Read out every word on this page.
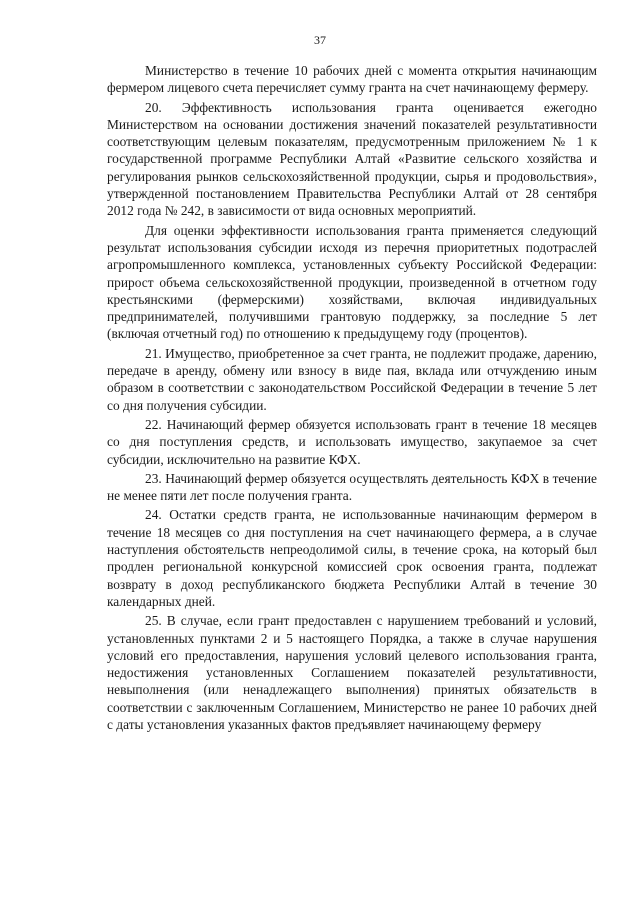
37

Министерство в течение 10 рабочих дней с момента открытия начинающим фермером лицевого счета перечисляет сумму гранта на счет начинающему фермеру.

20. Эффективность использования гранта оценивается ежегодно Министерством на основании достижения значений показателей результативности соответствующим целевым показателям, предусмотренным приложением № 1 к государственной программе Республики Алтай «Развитие сельского хозяйства и регулирования рынков сельскохозяйственной продукции, сырья и продовольствия», утвержденной постановлением Правительства Республики Алтай от 28 сентября 2012 года № 242, в зависимости от вида основных мероприятий.

Для оценки эффективности использования гранта применяется следующий результат использования субсидии исходя из перечня приоритетных подотраслей агропромышленного комплекса, установленных субъекту Российской Федерации: прирост объема сельскохозяйственной продукции, произведенной в отчетном году крестьянскими (фермерскими) хозяйствами, включая индивидуальных предпринимателей, получившими грантовую поддержку, за последние 5 лет (включая отчетный год) по отношению к предыдущему году (процентов).

21. Имущество, приобретенное за счет гранта, не подлежит продаже, дарению, передаче в аренду, обмену или взносу в виде пая, вклада или отчуждению иным образом в соответствии с законодательством Российской Федерации в течение 5 лет со дня получения субсидии.

22. Начинающий фермер обязуется использовать грант в течение 18 месяцев со дня поступления средств, и использовать имущество, закупаемое за счет субсидии, исключительно на развитие КФХ.

23. Начинающий фермер обязуется осуществлять деятельность КФХ в течение не менее пяти лет после получения гранта.

24. Остатки средств гранта, не использованные начинающим фермером в течение 18 месяцев со дня поступления на счет начинающего фермера, а в случае наступления обстоятельств непреодолимой силы, в течение срока, на который был продлен региональной конкурсной комиссией срок освоения гранта, подлежат возврату в доход республиканского бюджета Республики Алтай в течение 30 календарных дней.

25. В случае, если грант предоставлен с нарушением требований и условий, установленных пунктами 2 и 5 настоящего Порядка, а также в случае нарушения условий его предоставления, нарушения условий целевого использования гранта, недостижения установленных Соглашением показателей результативности, невыполнения (или ненадлежащего выполнения) принятых обязательств в соответствии с заключенным Соглашением, Министерство не ранее 10 рабочих дней с даты установления указанных фактов предъявляет начинающему фермеру
